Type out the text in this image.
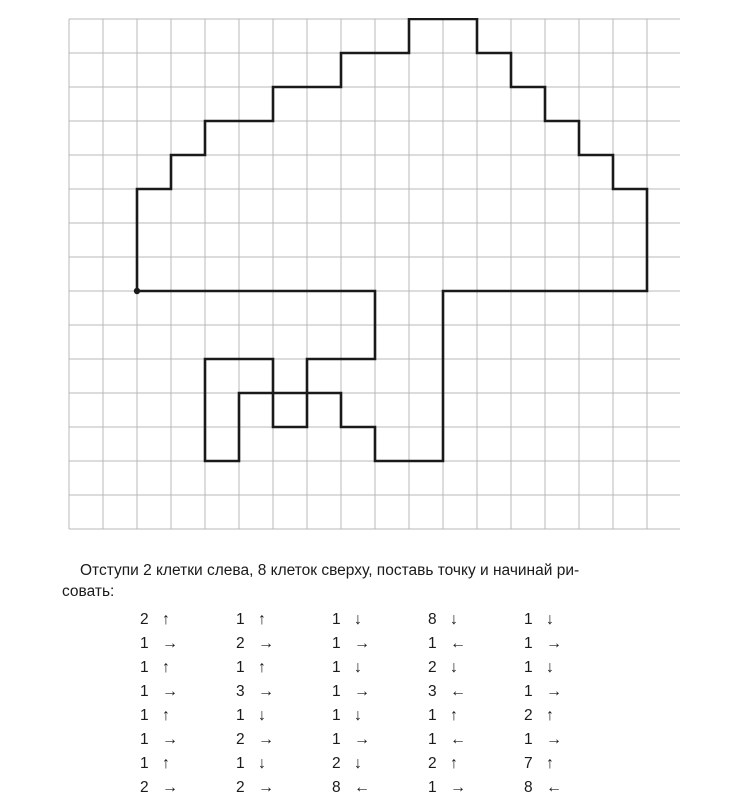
Отступи 2 клетки слева, 8 клеток сверху, поставь точку и начинай ри-
совать:
2	↑	1	↑	1	↓	8	↓	1	↓
1	→	2	→	1	→	1	←	1	→
1	↑	1	↑	1	↓	2	↓	1	↓
1	→	3	→	1	→	3	←	1	→
1	↑	1	↓	1	↓	1	↑	2	↑
1	→	2	→	1	→	1	←	1	→
1	↑	1	↓	2	↓	2	↑	7	↑
2	→	2	→	8	←	1	→	8	←
